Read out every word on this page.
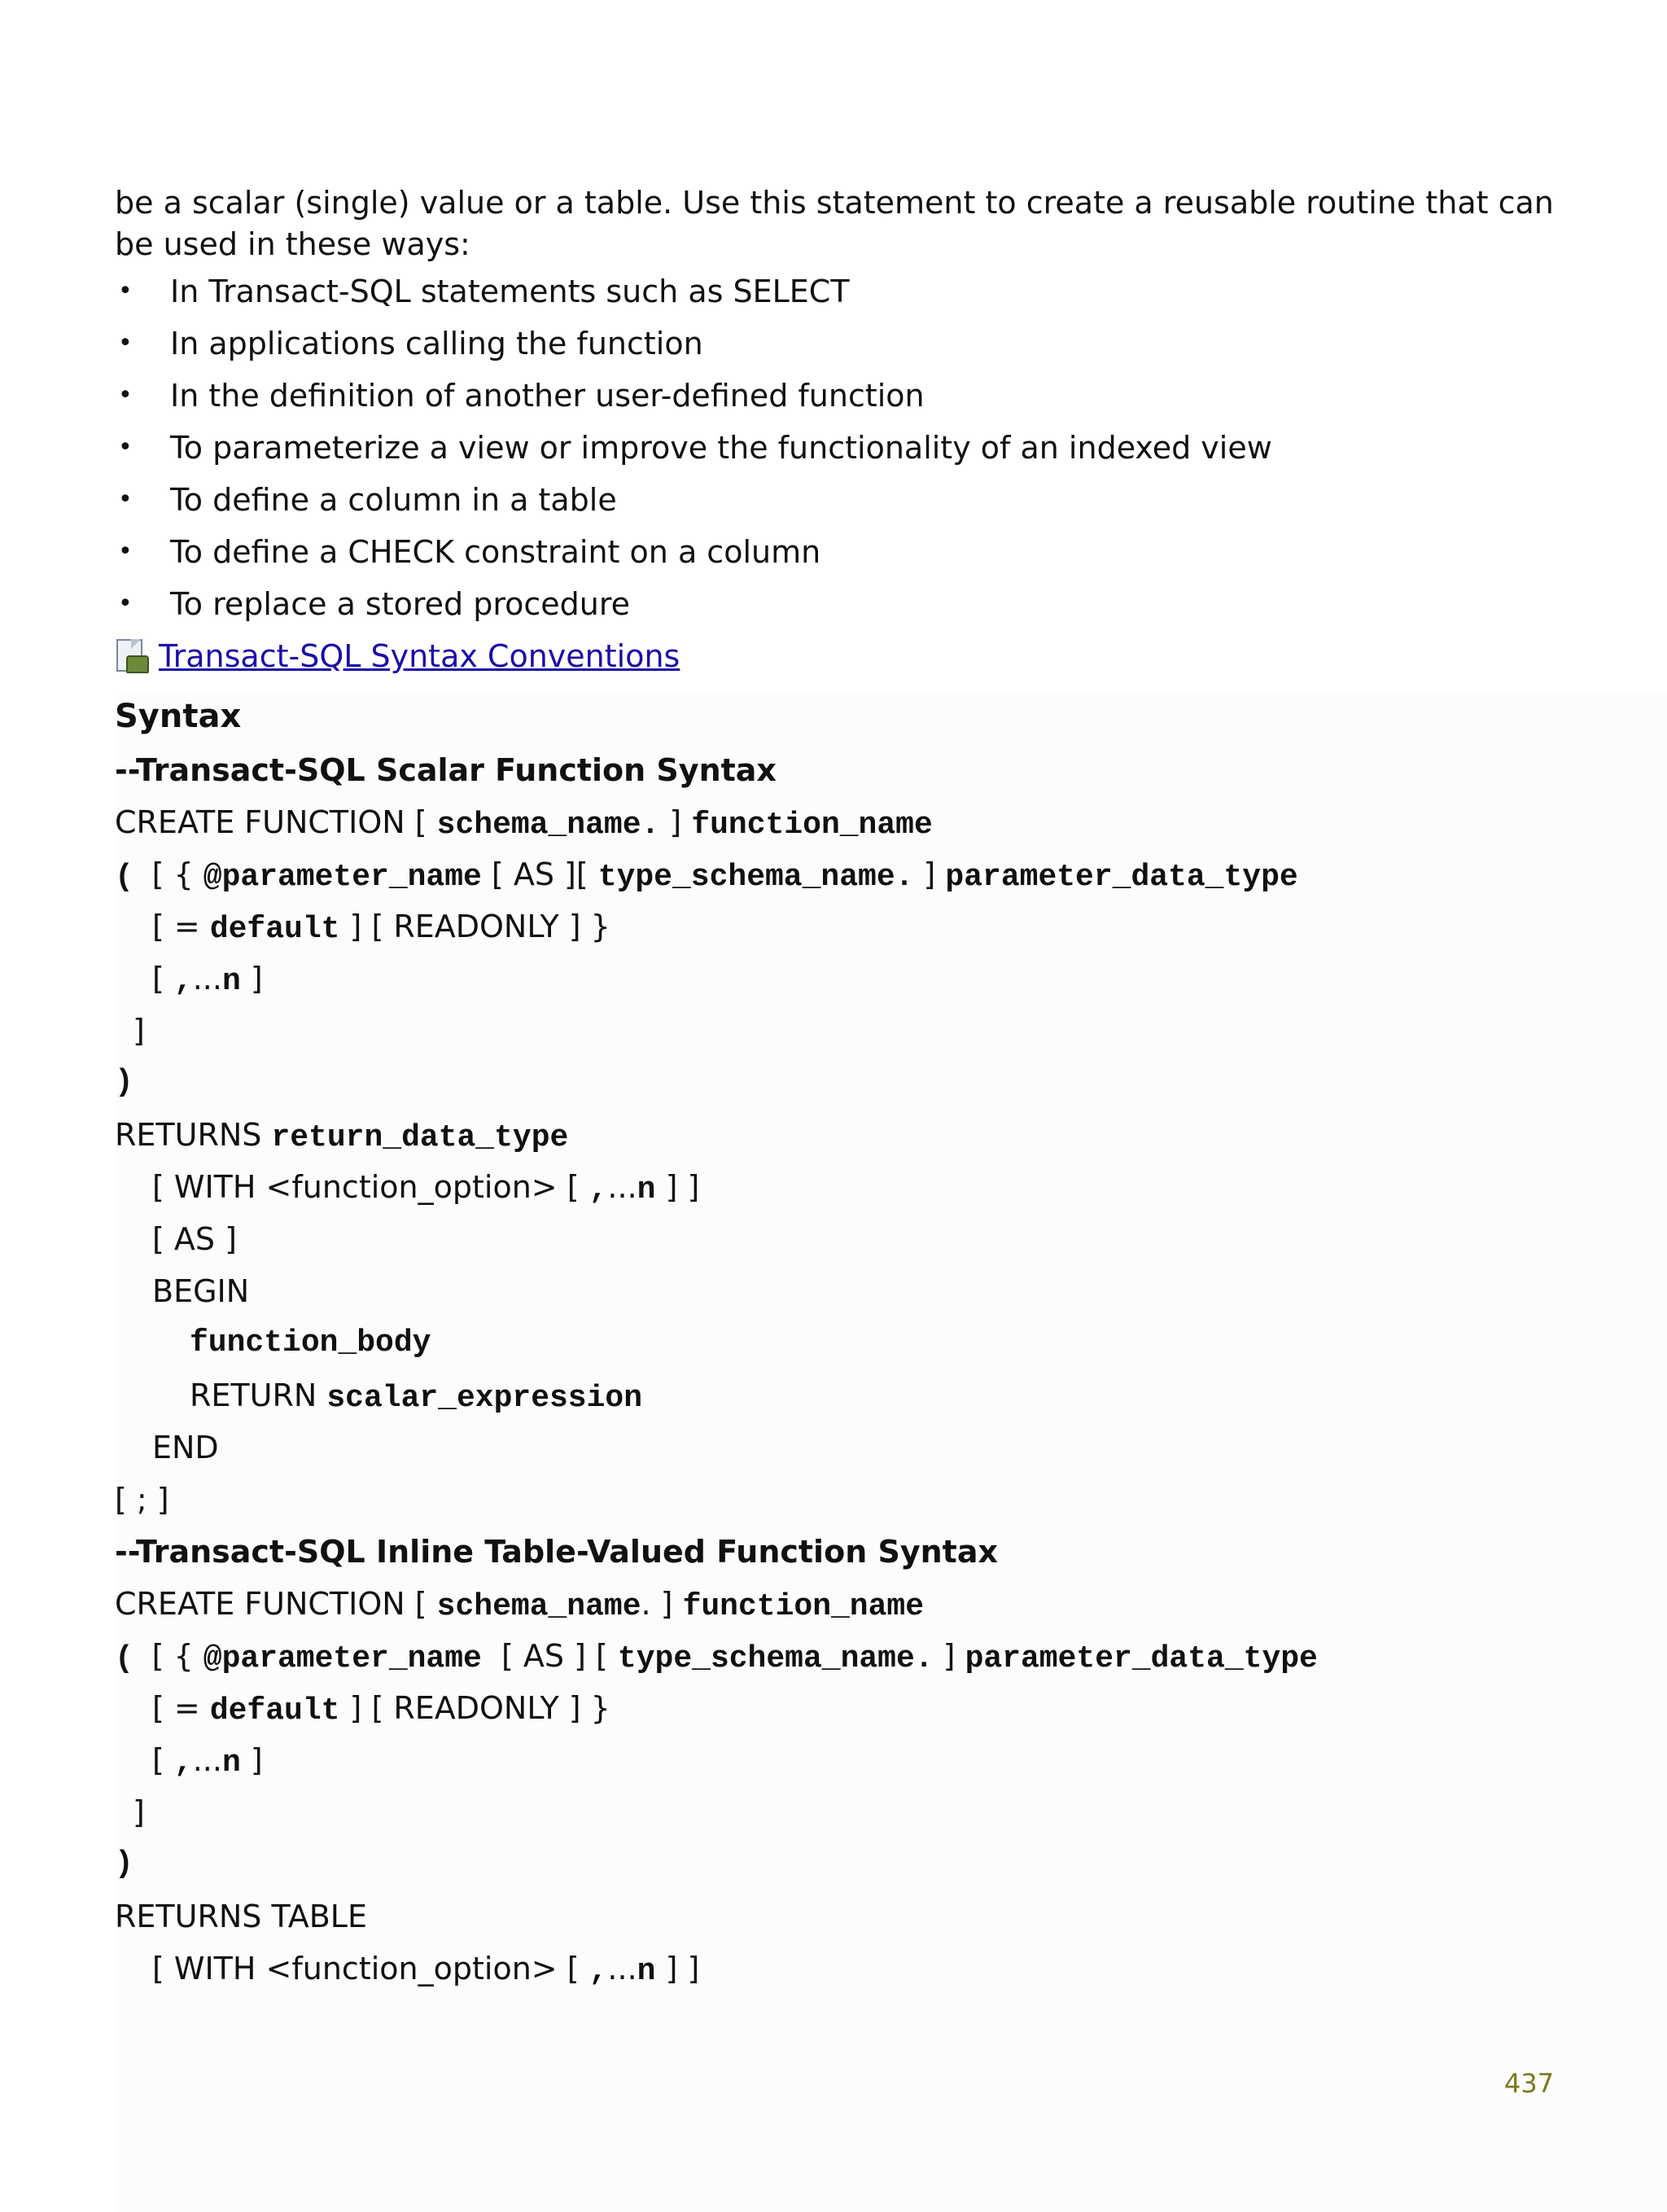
be a scalar (single) value or a table. Use this statement to create a reusable routine that can be used in these ways:

• In Transact-SQL statements such as SELECT
• In applications calling the function
• In the definition of another user-defined function
• To parameterize a view or improve the functionality of an indexed view
• To define a column in a table
• To define a CHECK constraint on a column
• To replace a stored procedure
Transact-SQL Syntax Conventions
Syntax
--Transact-SQL Scalar Function Syntax
CREATE FUNCTION [ schema_name. ] function_name
( [ { @parameter_name [ AS ][ type_schema_name. ] parameter_data_type
[ = default ] [ READONLY ] }
[ ,...n ]
]
)
RETURNS return_data_type
[ WITH <function_option> [ ,...n ] ]
[ AS ]
BEGIN
function_body
RETURN scalar_expression
END
[ ; ]
--Transact-SQL Inline Table-Valued Function Syntax
CREATE FUNCTION [ schema_name. ] function_name
( [ { @parameter_name  [ AS ] [ type_schema_name. ] parameter_data_type
[ = default ] [ READONLY ] }
[ ,...n ]
]
)
RETURNS TABLE
[ WITH <function_option> [ ,...n ] ]
437
